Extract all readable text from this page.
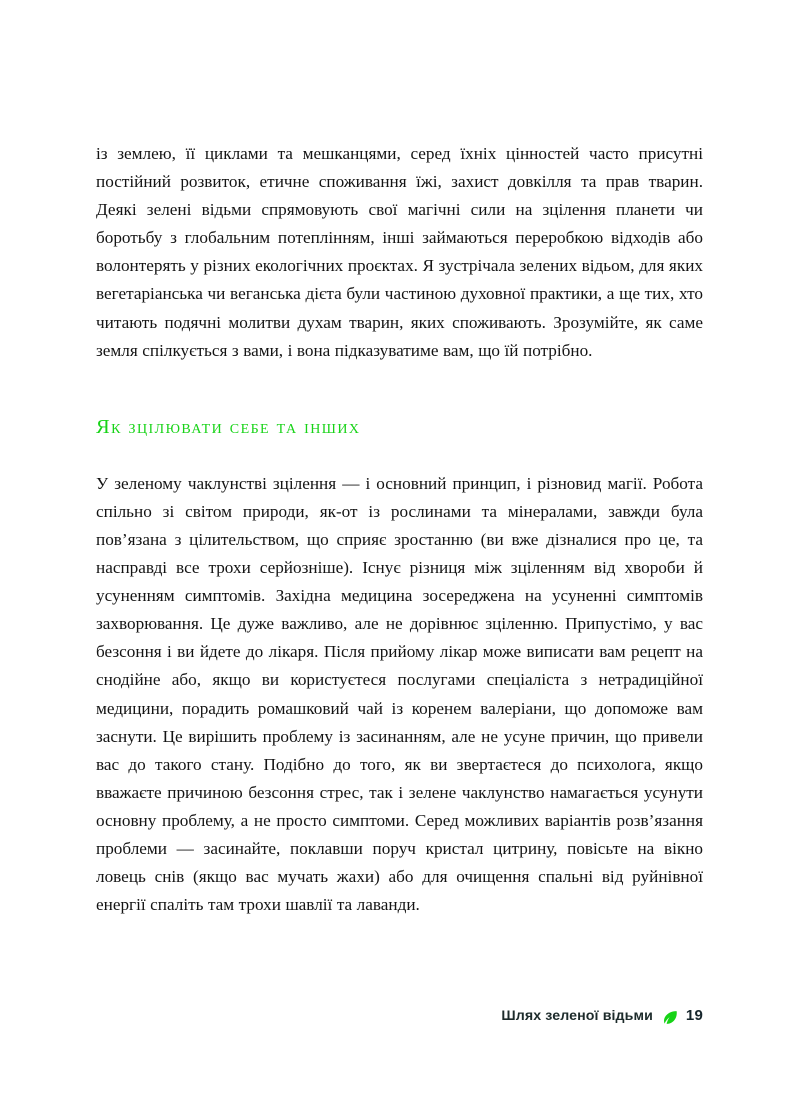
із землею, її циклами та мешканцями, серед їхніх цінностей часто присутні постійний розвиток, етичне споживання їжі, захист довкілля та прав тварин. Деякі зелені відьми спрямовують свої магічні сили на зцілення планети чи боротьбу з глобальним потеплінням, інші займаються переробкою відходів або волонтерять у різних екологічних проєктах. Я зустрічала зелених відьом, для яких вегетаріанська чи веганська дієта були частиною духовної практики, а ще тих, хто читають подячні молитви духам тварин, яких споживають. Зрозумійте, як саме земля спілкується з вами, і вона підказуватиме вам, що їй потрібно.

Як зцілювати себе та інших

У зеленому чаклунстві зцілення — і основний принцип, і різновид магії. Робота спільно зі світом природи, як-от із рослинами та мінералами, завжди була пов’язана з цілительством, що сприяє зростанню (ви вже дізналися про це, та насправді все трохи серйозніше). Існує різниця між зціленням від хвороби й усуненням симптомів. Західна медицина зосереджена на усуненні симптомів захворювання. Це дуже важливо, але не дорівнює зціленню. Припустімо, у вас безсоння і ви йдете до лікаря. Після прийому лікар може виписати вам рецепт на снодійне або, якщо ви користуєтеся послугами спеціаліста з нетрадиційної медицини, порадить ромашковий чай із коренем валеріани, що допоможе вам заснути. Це вирішить проблему із засинанням, але не усуне причин, що привели вас до такого стану. Подібно до того, як ви звертаєтеся до психолога, якщо вважаєте причиною безсоння стрес, так і зелене чаклунство намагається усунути основну проблему, а не просто симптоми. Серед можливих варіантів розв’язання проблеми — засинайте, поклавши поруч кристал цитрину, повісьте на вікно ловець снів (якщо вас мучать жахи) або для очищення спальні від руйнівної енергії спаліть там трохи шавлії та лаванди.

Шлях зеленої відьми 19
